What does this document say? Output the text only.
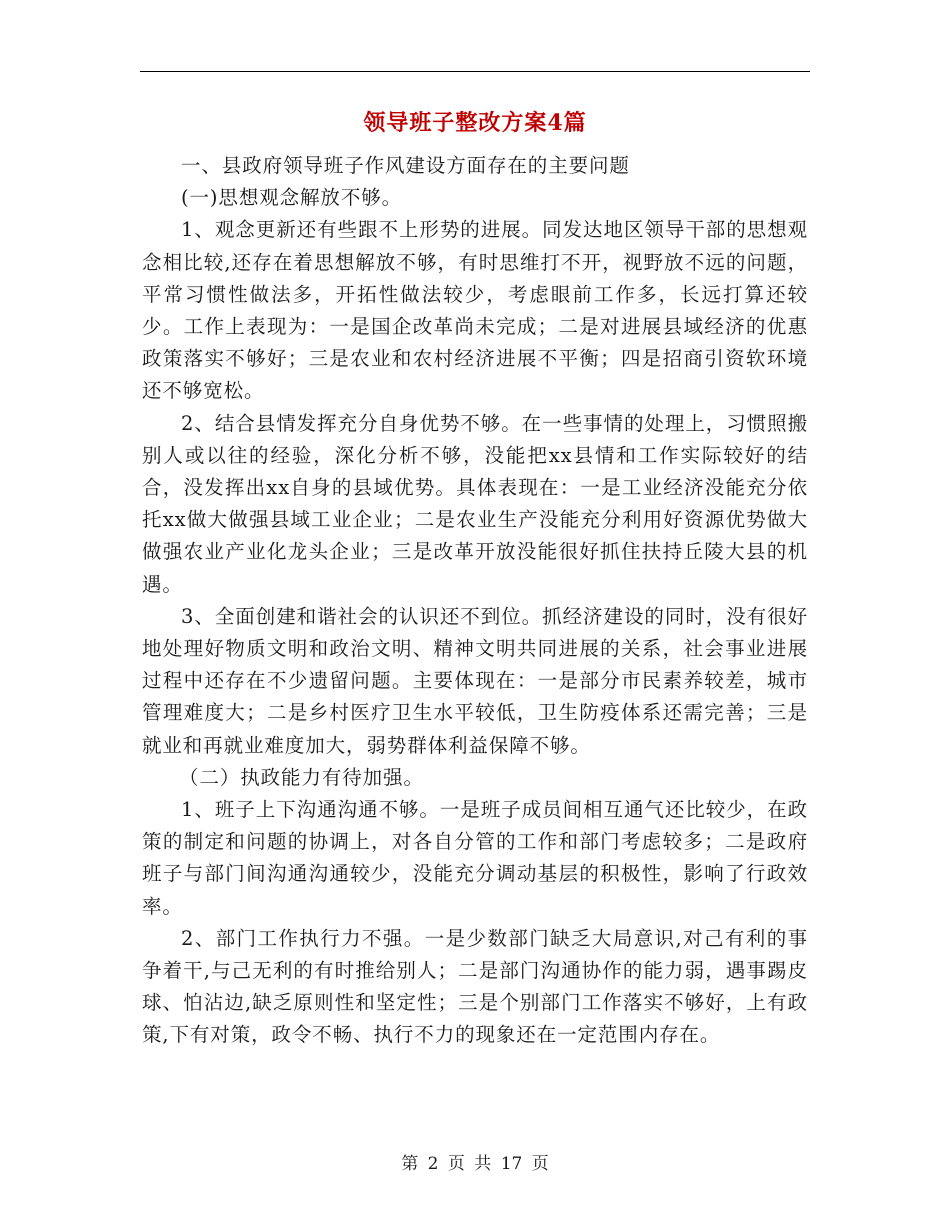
领导班子整改方案4篇

一、县政府领导班子作风建设方面存在的主要问题

(一)思想观念解放不够。

1、观念更新还有些跟不上形势的进展。同发达地区领导干部的思想观念相比较,还存在着思想解放不够，有时思维打不开，视野放不远的问题，平常习惯性做法多，开拓性做法较少，考虑眼前工作多，长远打算还较少。工作上表现为：一是国企改革尚未完成；二是对进展县域经济的优惠政策落实不够好；三是农业和农村经济进展不平衡；四是招商引资软环境还不够宽松。

2、结合县情发挥充分自身优势不够。在一些事情的处理上，习惯照搬别人或以往的经验，深化分析不够，没能把xx县情和工作实际较好的结合，没发挥出xx自身的县域优势。具体表现在：一是工业经济没能充分依托xx做大做强县域工业企业；二是农业生产没能充分利用好资源优势做大做强农业产业化龙头企业；三是改革开放没能很好抓住扶持丘陵大县的机遇。

3、全面创建和谐社会的认识还不到位。抓经济建设的同时，没有很好地处理好物质文明和政治文明、精神文明共同进展的关系，社会事业进展过程中还存在不少遗留问题。主要体现在：一是部分市民素养较差，城市管理难度大；二是乡村医疗卫生水平较低，卫生防疫体系还需完善；三是就业和再就业难度加大，弱势群体利益保障不够。

（二）执政能力有待加强。

1、班子上下沟通沟通不够。一是班子成员间相互通气还比较少，在政策的制定和问题的协调上，对各自分管的工作和部门考虑较多；二是政府班子与部门间沟通沟通较少，没能充分调动基层的积极性，影响了行政效率。

2、部门工作执行力不强。一是少数部门缺乏大局意识,对己有利的事争着干,与己无利的有时推给别人；二是部门沟通协作的能力弱，遇事踢皮球、怕沾边,缺乏原则性和坚定性；三是个别部门工作落实不够好，上有政策,下有对策，政令不畅、执行不力的现象还在一定范围内存在。

第 2 页 共 17 页
